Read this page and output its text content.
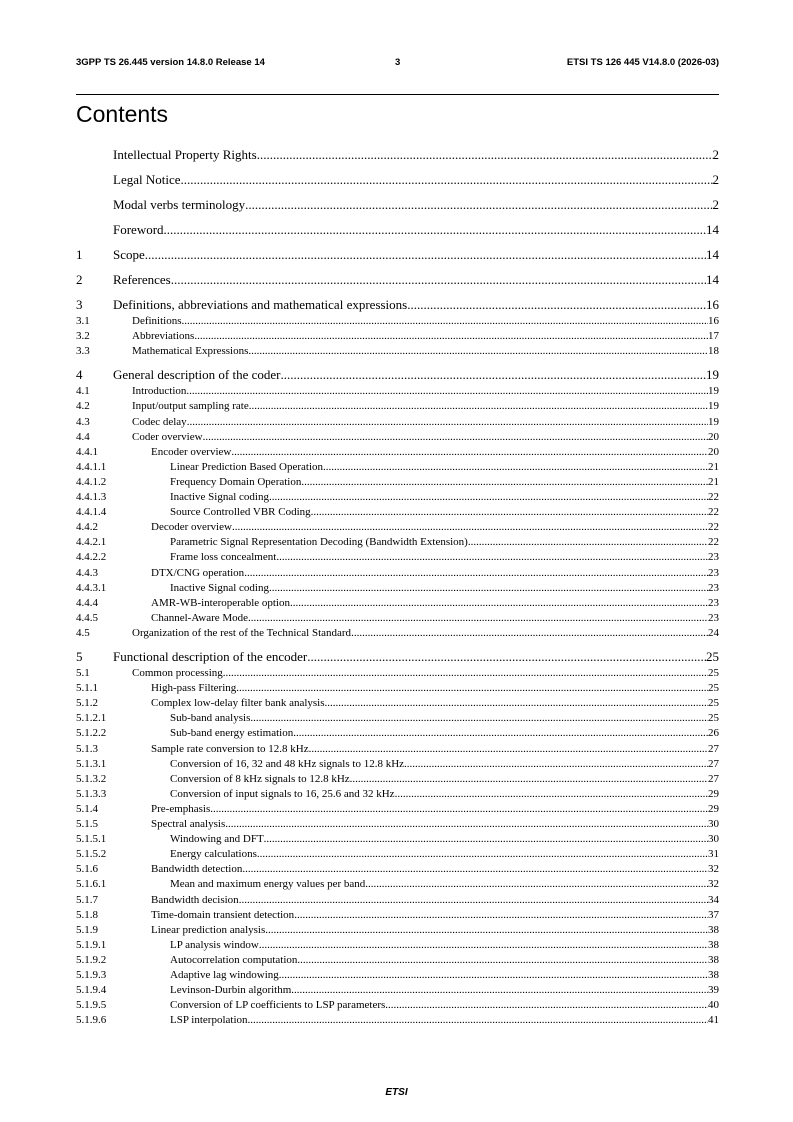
3GPP TS 26.445 version 14.8.0 Release 14	3	ETSI TS 126 445 V14.8.0 (2026-03)
Contents
Intellectual Property Rights .....	2
Legal Notice .....	2
Modal verbs terminology .....	2
Foreword .....	14
1	Scope .....	14
2	References .....	14
3	Definitions, abbreviations and mathematical expressions .....	16
3.1	Definitions .....	16
3.2	Abbreviations .....	17
3.3	Mathematical Expressions .....	18
4	General description of the coder .....	19
4.1	Introduction .....	19
4.2	Input/output sampling rate .....	19
4.3	Codec delay .....	19
4.4	Coder overview .....	20
4.4.1	Encoder overview .....	20
4.4.1.1	Linear Prediction Based Operation .....	21
4.4.1.2	Frequency Domain Operation .....	21
4.4.1.3	Inactive Signal coding .....	22
4.4.1.4	Source Controlled VBR Coding .....	22
4.4.2	Decoder overview .....	22
4.4.2.1	Parametric Signal Representation Decoding (Bandwidth Extension) .....	22
4.4.2.2	Frame loss concealment .....	23
4.4.3	DTX/CNG operation .....	23
4.4.3.1	Inactive Signal coding .....	23
4.4.4	AMR-WB-interoperable option .....	23
4.4.5	Channel-Aware Mode .....	23
4.5	Organization of the rest of the Technical Standard .....	24
5	Functional description of the encoder .....	25
5.1	Common processing .....	25
5.1.1	High-pass Filtering .....	25
5.1.2	Complex low-delay filter bank analysis .....	25
5.1.2.1	Sub-band analysis .....	25
5.1.2.2	Sub-band energy estimation .....	26
5.1.3	Sample rate conversion to 12.8 kHz .....	27
5.1.3.1	Conversion of 16, 32 and 48 kHz signals to 12.8 kHz .....	27
5.1.3.2	Conversion of 8 kHz signals to 12.8 kHz .....	27
5.1.3.3	Conversion of input signals to 16, 25.6 and 32 kHz .....	29
5.1.4	Pre-emphasis .....	29
5.1.5	Spectral analysis .....	30
5.1.5.1	Windowing and DFT .....	30
5.1.5.2	Energy calculations .....	31
5.1.6	Bandwidth detection .....	32
5.1.6.1	Mean and maximum energy values per band .....	32
5.1.7	Bandwidth decision .....	34
5.1.8	Time-domain transient detection .....	37
5.1.9	Linear prediction analysis .....	38
5.1.9.1	LP analysis window .....	38
5.1.9.2	Autocorrelation computation .....	38
5.1.9.3	Adaptive lag windowing .....	38
5.1.9.4	Levinson-Durbin algorithm .....	39
5.1.9.5	Conversion of LP coefficients to LSP parameters .....	40
5.1.9.6	LSP interpolation .....	41
ETSI
